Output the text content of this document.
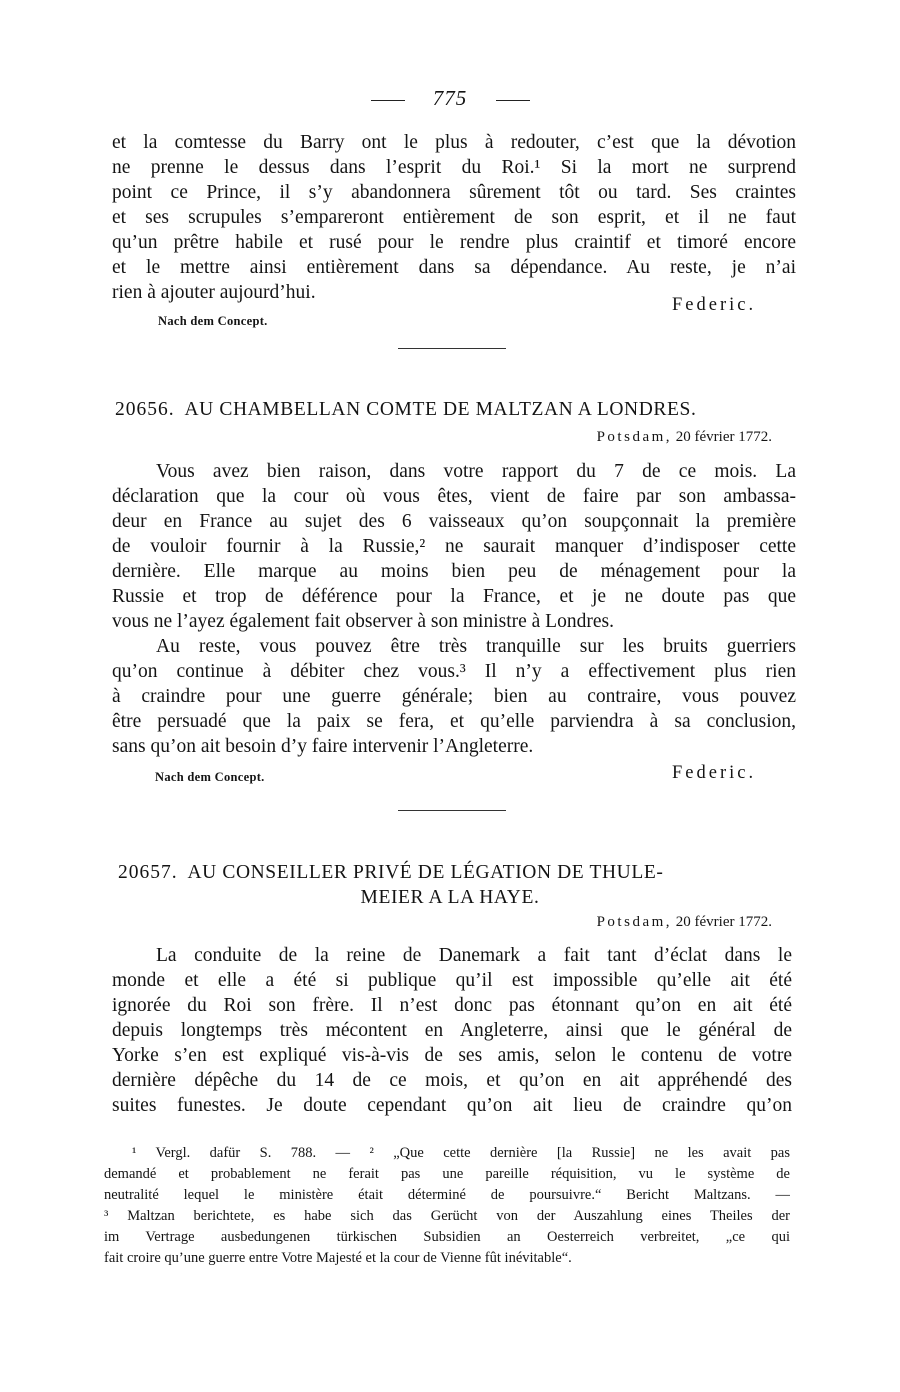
775
et la comtesse du Barry ont le plus à redouter, c’est que la dévotion
ne prenne le dessus dans l’esprit du Roi.¹ Si la mort ne surprend
point ce Prince, il s’y abandonnera sûrement tôt ou tard. Ses craintes
et ses scrupules s’empareront entièrement de son esprit, et il ne faut
qu’un prêtre habile et rusé pour le rendre plus craintif et timoré encore
et le mettre ainsi entièrement dans sa dépendance. Au reste, je n’ai
rien à ajouter aujourd’hui.
Federic.
Nach dem Concept.
20656. AU CHAMBELLAN COMTE DE MALTZAN A LONDRES.
Potsdam, 20 février 1772.
Vous avez bien raison, dans votre rapport du 7 de ce mois. La
déclaration que la cour où vous êtes, vient de faire par son ambassa-
deur en France au sujet des 6 vaisseaux qu’on soupçonnait la première
de vouloir fournir à la Russie,² ne saurait manquer d’indisposer cette
dernière. Elle marque au moins bien peu de ménagement pour la
Russie et trop de déférence pour la France, et je ne doute pas que
vous ne l’ayez également fait observer à son ministre à Londres.
Au reste, vous pouvez être très tranquille sur les bruits guerriers
qu’on continue à débiter chez vous.³ Il n’y a effectivement plus rien
à craindre pour une guerre générale; bien au contraire, vous pouvez
être persuadé que la paix se fera, et qu’elle parviendra à sa conclusion,
sans qu’on ait besoin d’y faire intervenir l’Angleterre.
Nach dem Concept.	Federic.
20657. AU CONSEILLER PRIVÉ DE LÉGATION DE THULE-
MEIER A LA HAYE.
Potsdam, 20 février 1772.
La conduite de la reine de Danemark a fait tant d’éclat dans le
monde et elle a été si publique qu’il est impossible qu’elle ait été
ignorée du Roi son frère. Il n’est donc pas étonnant qu’on en ait été
depuis longtemps très mécontent en Angleterre, ainsi que le général de
Yorke s’en est expliqué vis-à-vis de ses amis, selon le contenu de votre
dernière dépêche du 14 de ce mois, et qu’on en ait appréhendé des
suites funestes. Je doute cependant qu’on ait lieu de craindre qu’on
¹ Vergl. dafür S. 788. — ² „Que cette dernière [la Russie] ne les avait pas
demandé et probablement ne ferait pas une pareille réquisition, vu le système de
neutralité lequel le ministère était déterminé de poursuivre.“ Bericht Maltzans. —
³ Maltzan berichtete, es habe sich das Gerücht von der Auszahlung eines Theiles der
im Vertrage ausbedungenen türkischen Subsidien an Oesterreich verbreitet, „ce qui
fait croire qu’une guerre entre Votre Majesté et la cour de Vienne fût inévitable“.
